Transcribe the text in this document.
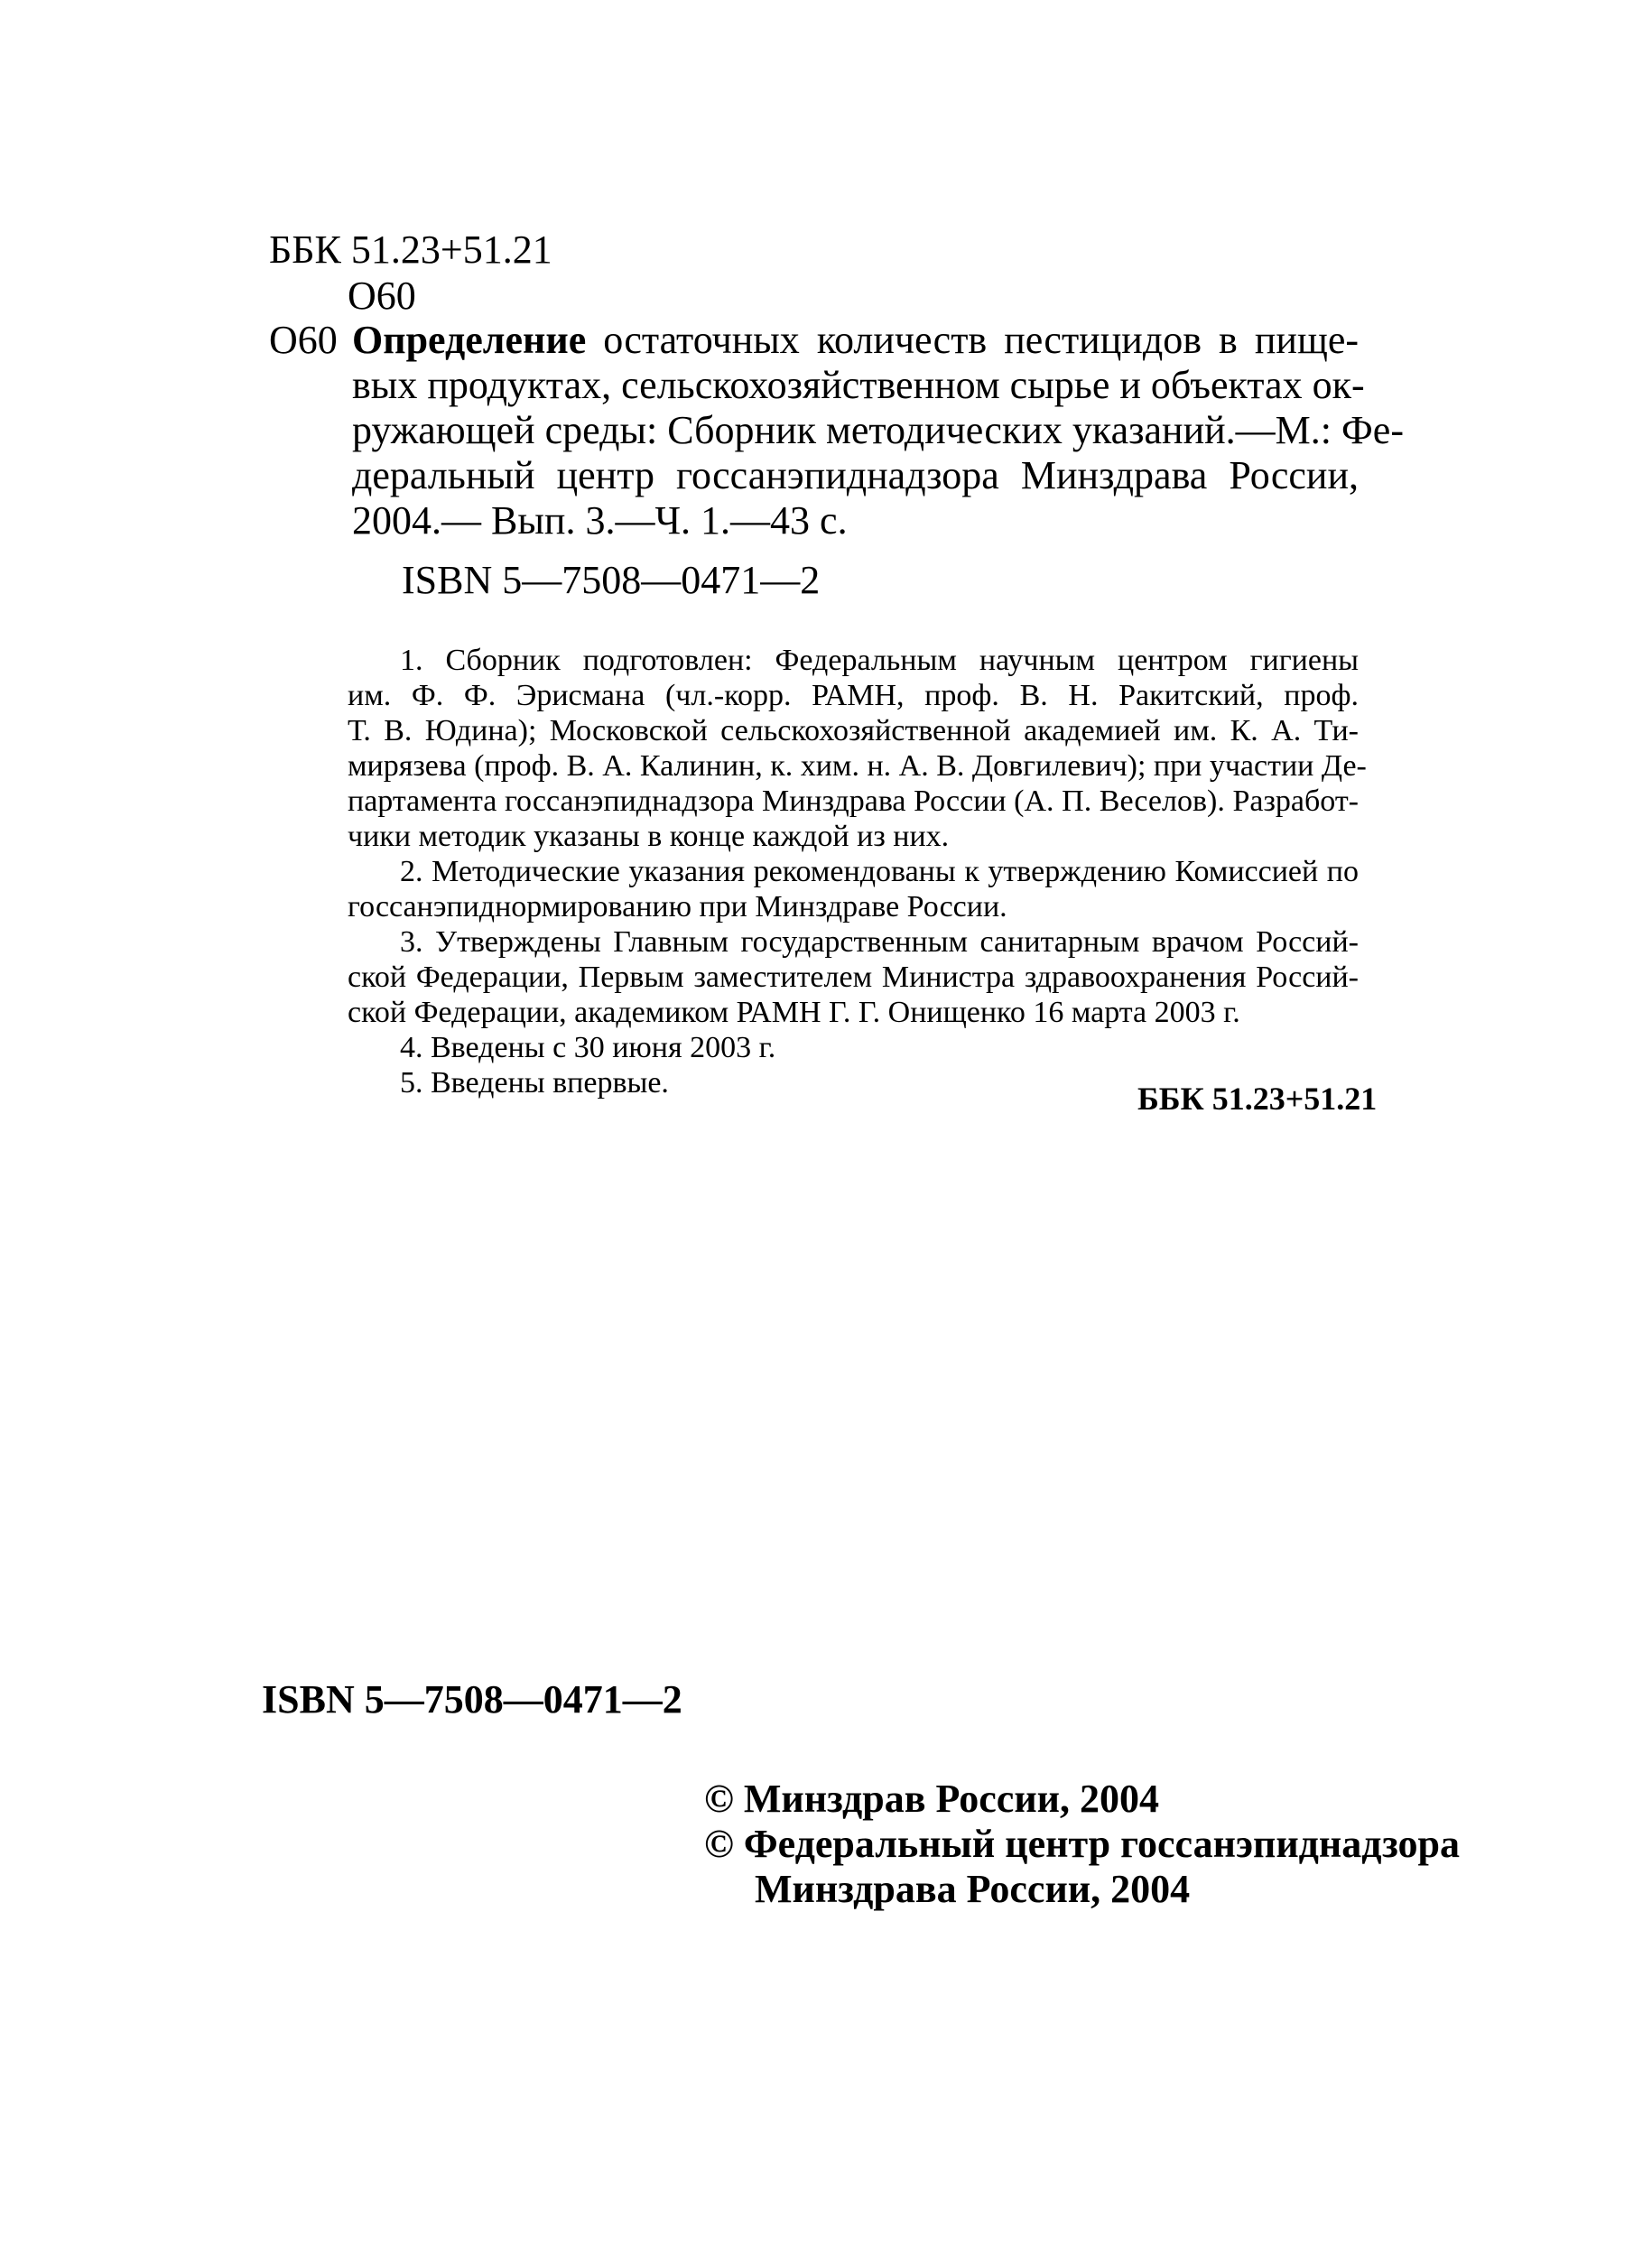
ББК 51.23+51.21
О60
О60 Определение остаточных количеств пестицидов в пище-
вых продуктах, сельскохозяйственном сырье и объектах ок-
ружающей среды: Сборник методических указаний.—М.: Фе-
деральный центр госсанэпиднадзора Минздрава России,
2004.— Вып. 3.—Ч. 1.—43 с.
ISBN 5—7508—0471—2
1. Сборник подготовлен: Федеральным научным центром гигиены
им. Ф. Ф. Эрисмана (чл.-корр. РАМН, проф. В. Н. Ракитский, проф.
Т. В. Юдина); Московской сельскохозяйственной академией им. К. А. Ти-
мирязева (проф. В. А. Калинин, к. хим. н. А. В. Довгилевич); при участии Де-
партамента госсанэпиднадзора Минздрава России (А. П. Веселов). Разработ-
чики методик указаны в конце каждой из них.
2. Методические указания рекомендованы к утверждению Комиссией по
госсанэпиднормированию при Минздраве России.
3. Утверждены Главным государственным санитарным врачом Россий-
ской Федерации, Первым заместителем Министра здравоохранения Россий-
ской Федерации, академиком РАМН Г. Г. Онищенко 16 марта 2003 г.
4. Введены с 30 июня 2003 г.
5. Введены впервые.	ББК 51.23+51.21
ISBN 5—7508—0471—2
© Минздрав России, 2004
© Федеральный центр госсанэпиднадзора
Минздрава России, 2004
